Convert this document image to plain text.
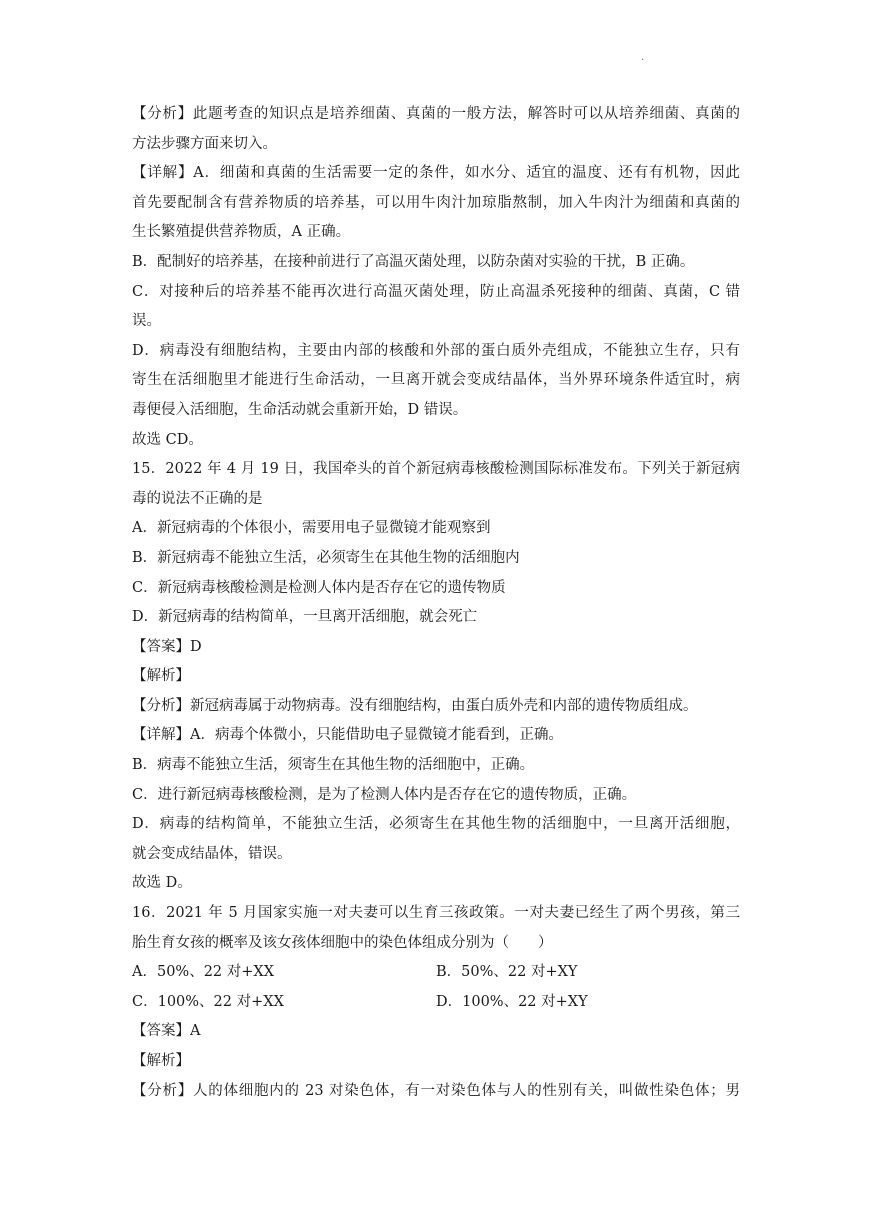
.
【分析】此题考查的知识点是培养细菌、真菌的一般方法，解答时可以从培养细菌、真菌的
方法步骤方面来切入。
【详解】A．细菌和真菌的生活需要一定的条件，如水分、适宜的温度、还有有机物，因此
首先要配制含有营养物质的培养基，可以用牛肉汁加琼脂熬制，加入牛肉汁为细菌和真菌的
生长繁殖提供营养物质，A 正确。
B．配制好的培养基，在接种前进行了高温灭菌处理，以防杂菌对实验的干扰，B 正确。
C．对接种后的培养基不能再次进行高温灭菌处理，防止高温杀死接种的细菌、真菌，C 错
误。
D．病毒没有细胞结构，主要由内部的核酸和外部的蛋白质外壳组成，不能独立生存，只有
寄生在活细胞里才能进行生命活动，一旦离开就会变成结晶体，当外界环境条件适宜时，病
毒便侵入活细胞，生命活动就会重新开始，D 错误。
故选 CD。
15．2022 年 4 月 19 日，我国牵头的首个新冠病毒核酸检测国际标准发布。下列关于新冠病
毒的说法不正确的是
A．新冠病毒的个体很小，需要用电子显微镜才能观察到
B．新冠病毒不能独立生活，必须寄生在其他生物的活细胞内
C．新冠病毒核酸检测是检测人体内是否存在它的遗传物质
D．新冠病毒的结构简单，一旦离开活细胞，就会死亡
【答案】D
【解析】
【分析】新冠病毒属于动物病毒。没有细胞结构，由蛋白质外壳和内部的遗传物质组成。
【详解】A．病毒个体微小，只能借助电子显微镜才能看到，正确。
B．病毒不能独立生活，须寄生在其他生物的活细胞中，正确。
C．进行新冠病毒核酸检测，是为了检测人体内是否存在它的遗传物质，正确。
D．病毒的结构简单，不能独立生活，必须寄生在其他生物的活细胞中，一旦离开活细胞，
就会变成结晶体，错误。
故选 D。
16．2021 年 5 月国家实施一对夫妻可以生育三孩政策。一对夫妻已经生了两个男孩，第三
胎生育女孩的概率及该女孩体细胞中的染色体组成分别为（　　）
A．50%、22 对+XX	B．50%、22 对+XY
C．100%、22 对+XX	D．100%、22 对+XY
【答案】A
【解析】
【分析】人的体细胞内的 23 对染色体，有一对染色体与人的性别有关，叫做性染色体；男
